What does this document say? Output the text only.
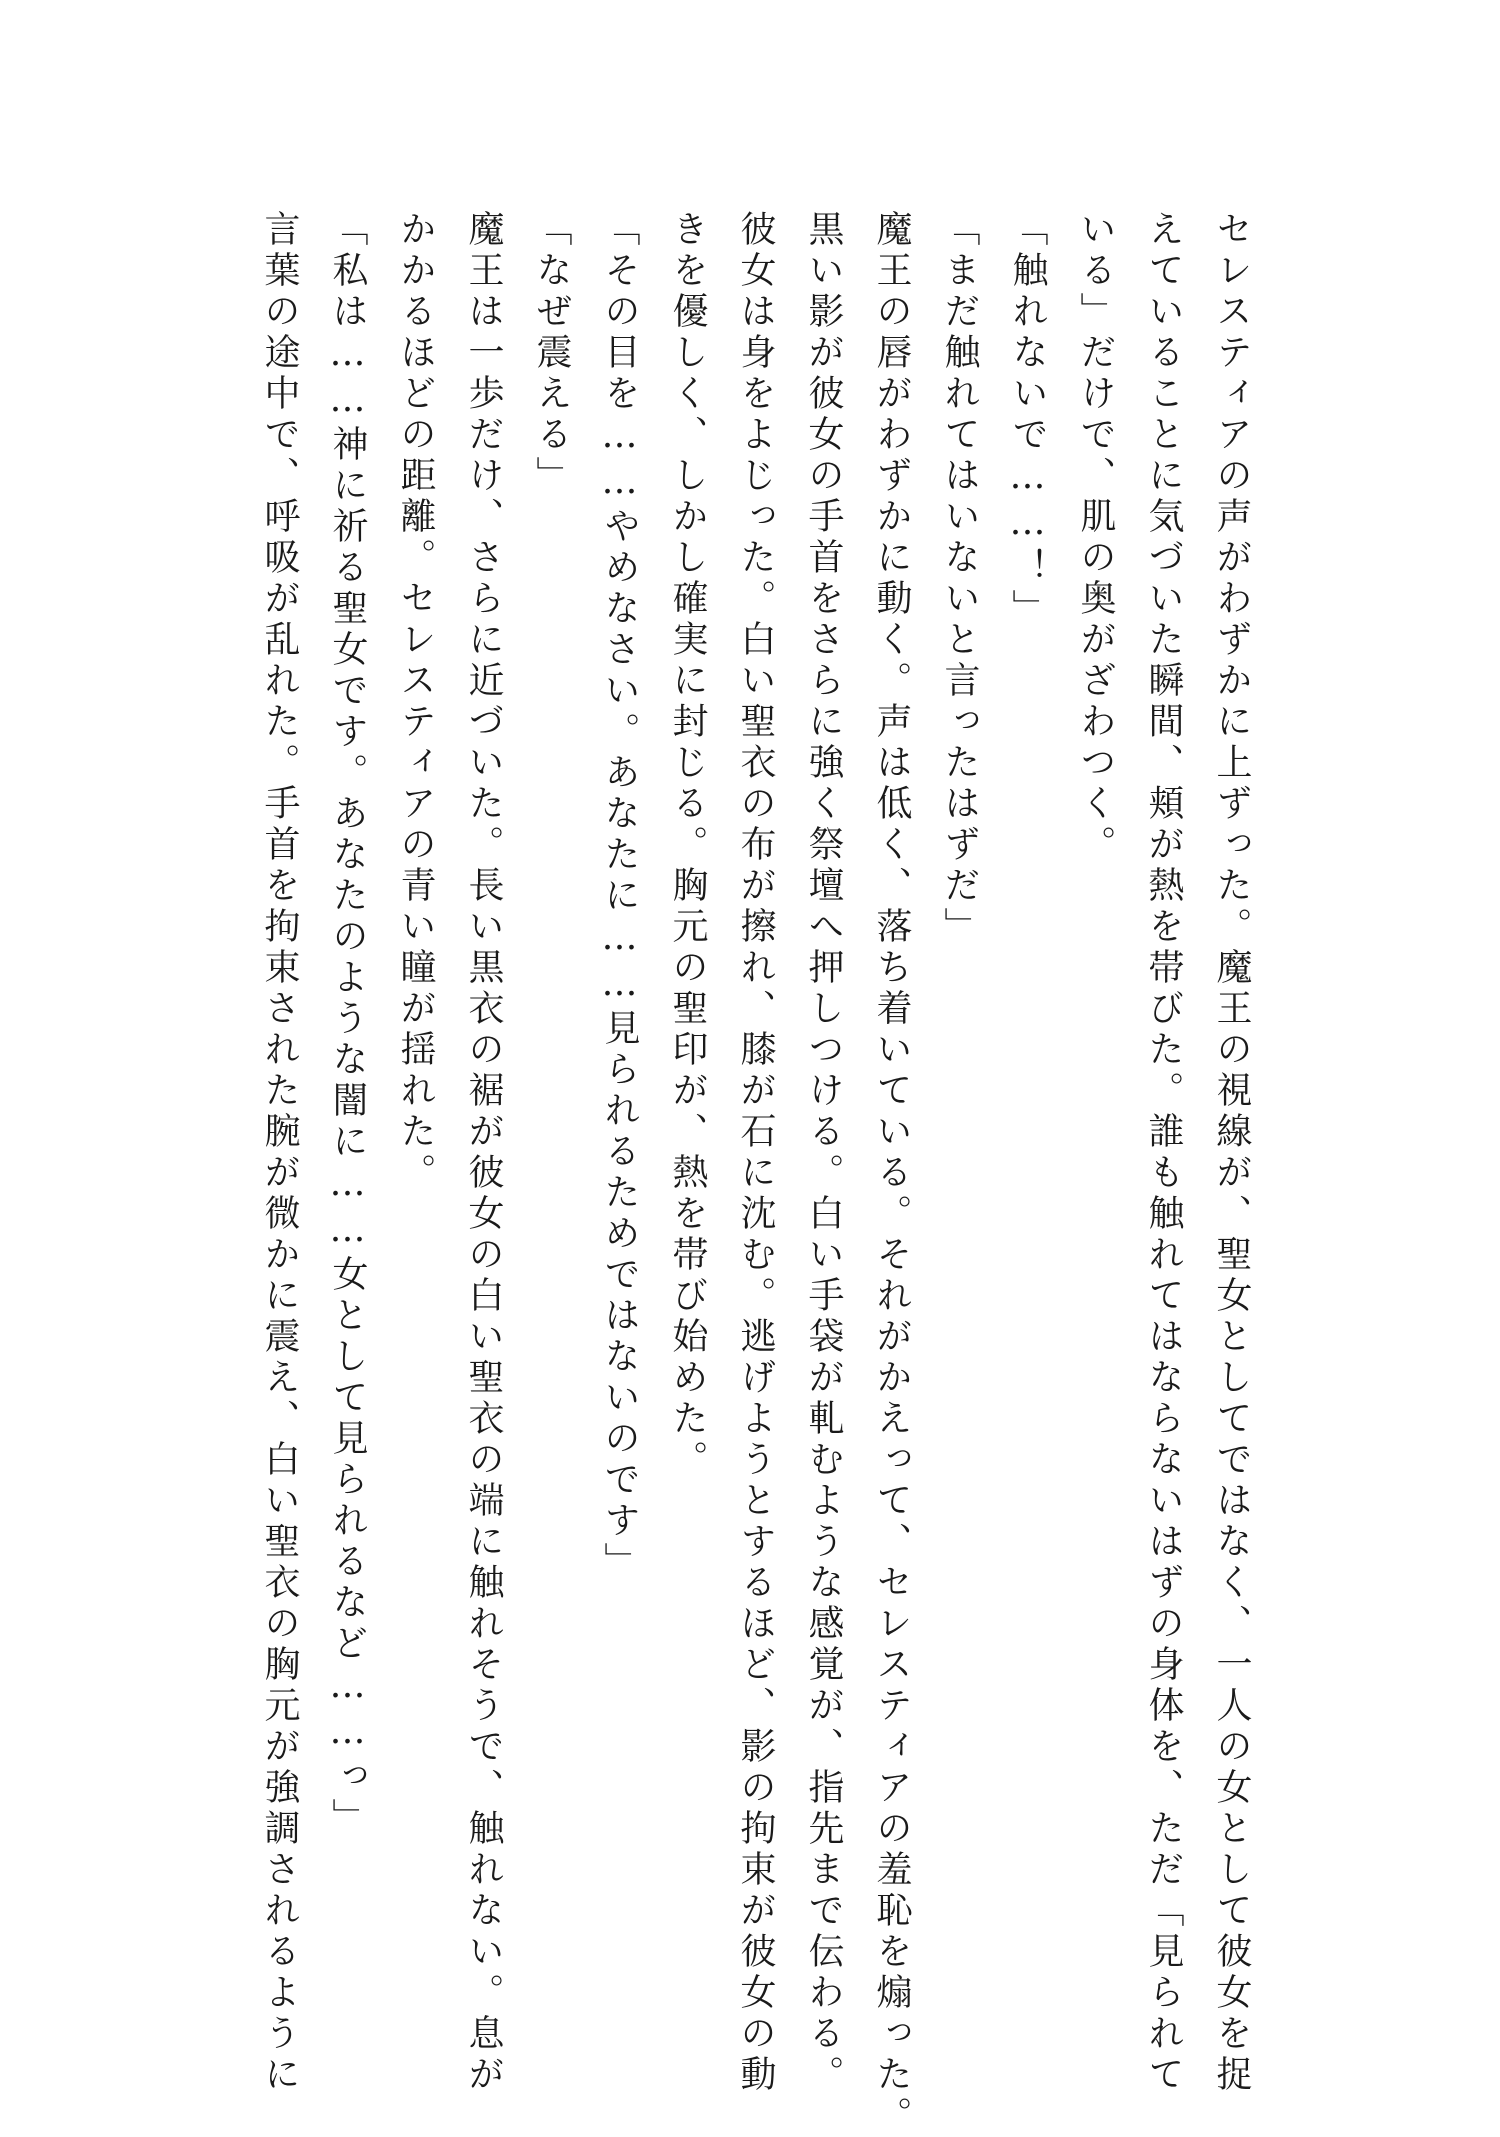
セレスティアの声がわずかに上ずった。魔王の視線が、聖女としてではなく、一人の女として彼女を捉
えていることに気づいた瞬間、頬が熱を帯びた。誰も触れてはならないはずの身体を、ただ「見られて
いる」だけで、肌の奥がざわつく。
「触れないで……！」
「まだ触れてはいないと言ったはずだ」
魔王の唇がわずかに動く。声は低く、落ち着いている。それがかえって、セレスティアの羞恥を煽った。
黒い影が彼女の手首をさらに強く祭壇へ押しつける。白い手袋が軋むような感覚が、指先まで伝わる。
彼女は身をよじった。白い聖衣の布が擦れ、膝が石に沈む。逃げようとするほど、影の拘束が彼女の動
きを優しく、しかし確実に封じる。胸元の聖印が、熱を帯び始めた。
「その目を……やめなさい。あなたに……見られるためではないのです」
「なぜ震える」
魔王は一歩だけ、さらに近づいた。長い黒衣の裾が彼女の白い聖衣の端に触れそうで、触れない。息が
かかるほどの距離。セレスティアの青い瞳が揺れた。
「私は……神に祈る聖女です。あなたのような闇に……女として見られるなど……っ」
言葉の途中で、呼吸が乱れた。手首を拘束された腕が微かに震え、白い聖衣の胸元が強調されるように
